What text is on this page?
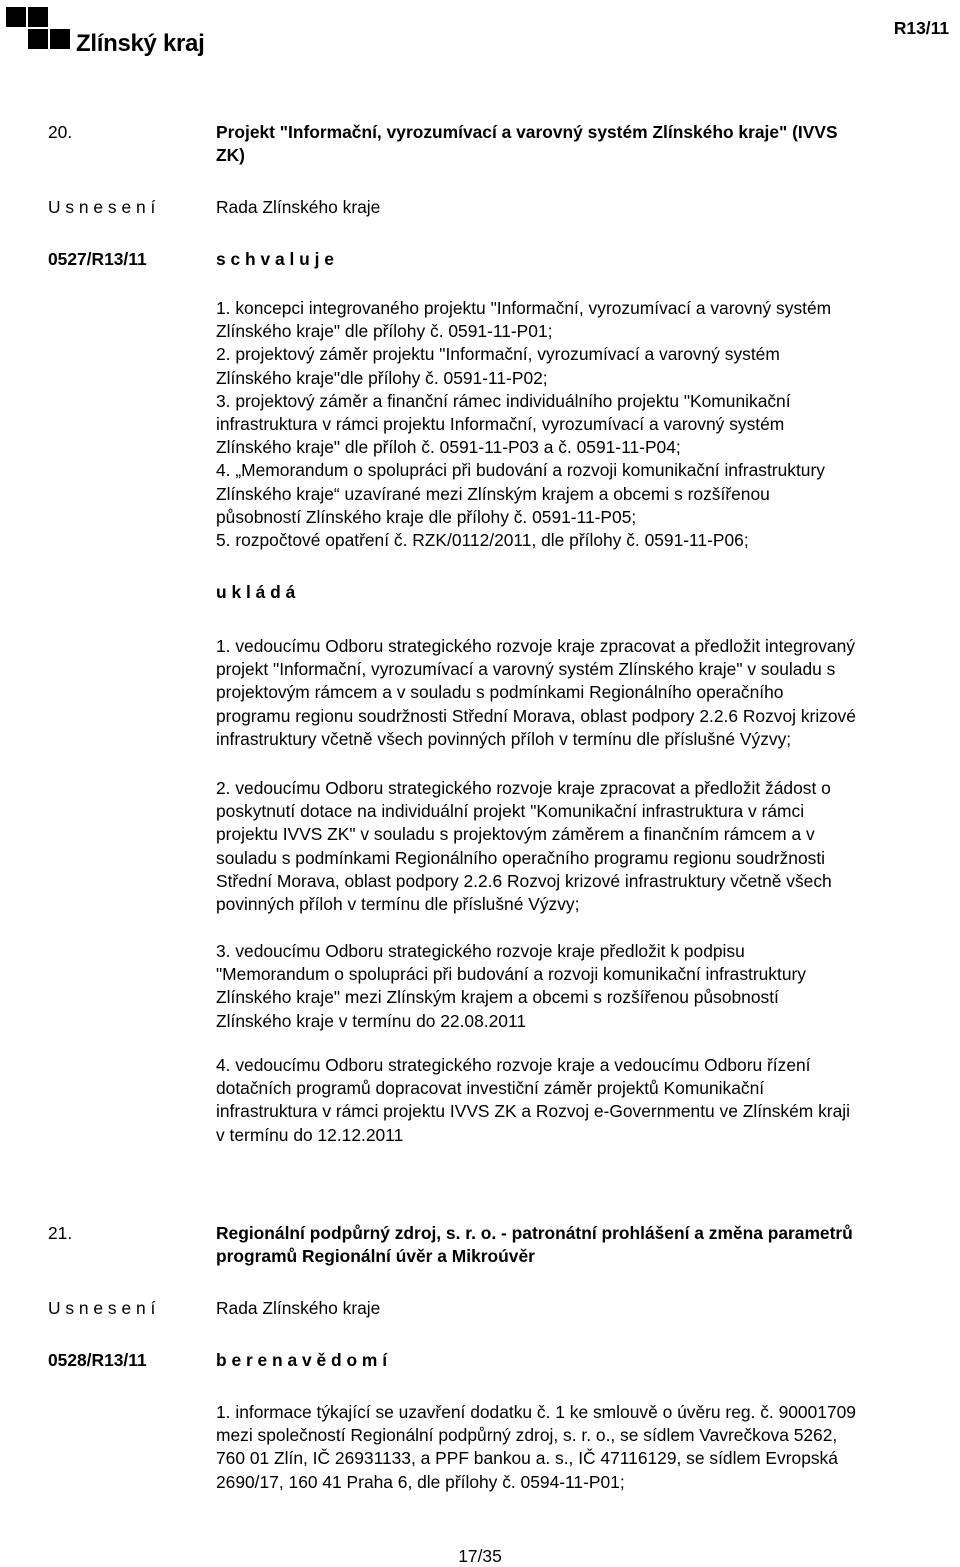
Zlínský kraj
R13/11
20.	Projekt "Informační, vyrozumívací a varovný systém Zlínského kraje" (IVVS
ZK)
U s n e s e n í	Rada Zlínského kraje
0527/R13/11	s c h v a l u j e

1. koncepci integrovaného projektu "Informační, vyrozumívací a varovný systém

Zlínského kraje" dle přílohy č. 0591-11-P01;

2. projektový záměr projektu "Informační, vyrozumívací a varovný systém

Zlínského kraje"dle přílohy č. 0591-11-P02;

3. projektový záměr a finanční rámec individuálního projektu "Komunikační

infrastruktura v rámci projektu Informační, vyrozumívací a varovný systém

Zlínského kraje" dle příloh č. 0591-11-P03 a č. 0591-11-P04;

4. „Memorandum o spolupráci při budování a rozvoji komunikační infrastruktury

Zlínského kraje“ uzavírané mezi Zlínským krajem a obcemi s rozšířenou

působností Zlínského kraje dle přílohy č. 0591-11-P05;

5. rozpočtové opatření č. RZK/0112/2011, dle přílohy č. 0591-11-P06;

u k l á d á

1. vedoucímu Odboru strategického rozvoje kraje zpracovat a předložit integrovaný

projekt "Informační, vyrozumívací a varovný systém Zlínského kraje" v souladu s

projektovým rámcem a v souladu s podmínkami Regionálního operačního

programu regionu soudržnosti Střední Morava, oblast podpory 2.2.6 Rozvoj krizové

infrastruktury včetně všech povinných příloh v termínu dle příslušné Výzvy;

2. vedoucímu Odboru strategického rozvoje kraje zpracovat a předložit žádost o

poskytnutí dotace na individuální projekt "Komunikační infrastruktura v rámci

projektu IVVS ZK" v souladu s projektovým záměrem a finančním rámcem a v

souladu s podmínkami Regionálního operačního programu regionu soudržnosti

Střední Morava, oblast podpory 2.2.6 Rozvoj krizové infrastruktury včetně všech

povinných příloh v termínu dle příslušné Výzvy;

3. vedoucímu Odboru strategického rozvoje kraje předložit k podpisu

"Memorandum o spolupráci při budování a rozvoji komunikační infrastruktury

Zlínského kraje" mezi Zlínským krajem a obcemi s rozšířenou působností

Zlínského kraje v termínu do 22.08.2011

4. vedoucímu Odboru strategického rozvoje kraje a vedoucímu Odboru řízení

dotačních programů dopracovat investiční záměr projektů Komunikační

infrastruktura v rámci projektu IVVS ZK a Rozvoj e-Governmentu ve Zlínském kraji

v termínu do 12.12.2011

21.	Regionální podpůrný zdroj, s. r. o. - patronátní prohlášení a změna parametrů
programů Regionální úvěr a Mikroúvěr
U s n e s e n í	Rada Zlínského kraje
0528/R13/11	b e r e n a v ě d o m í

1. informace týkající se uzavření dodatku č. 1 ke smlouvě o úvěru reg. č. 90001709

mezi společností Regionální podpůrný zdroj, s. r. o., se sídlem Vavrečkova 5262,

760 01 Zlín, IČ 26931133, a PPF bankou a. s., IČ 47116129, se sídlem Evropská

2690/17, 160 41 Praha 6, dle přílohy č. 0594-11-P01;

17/35
